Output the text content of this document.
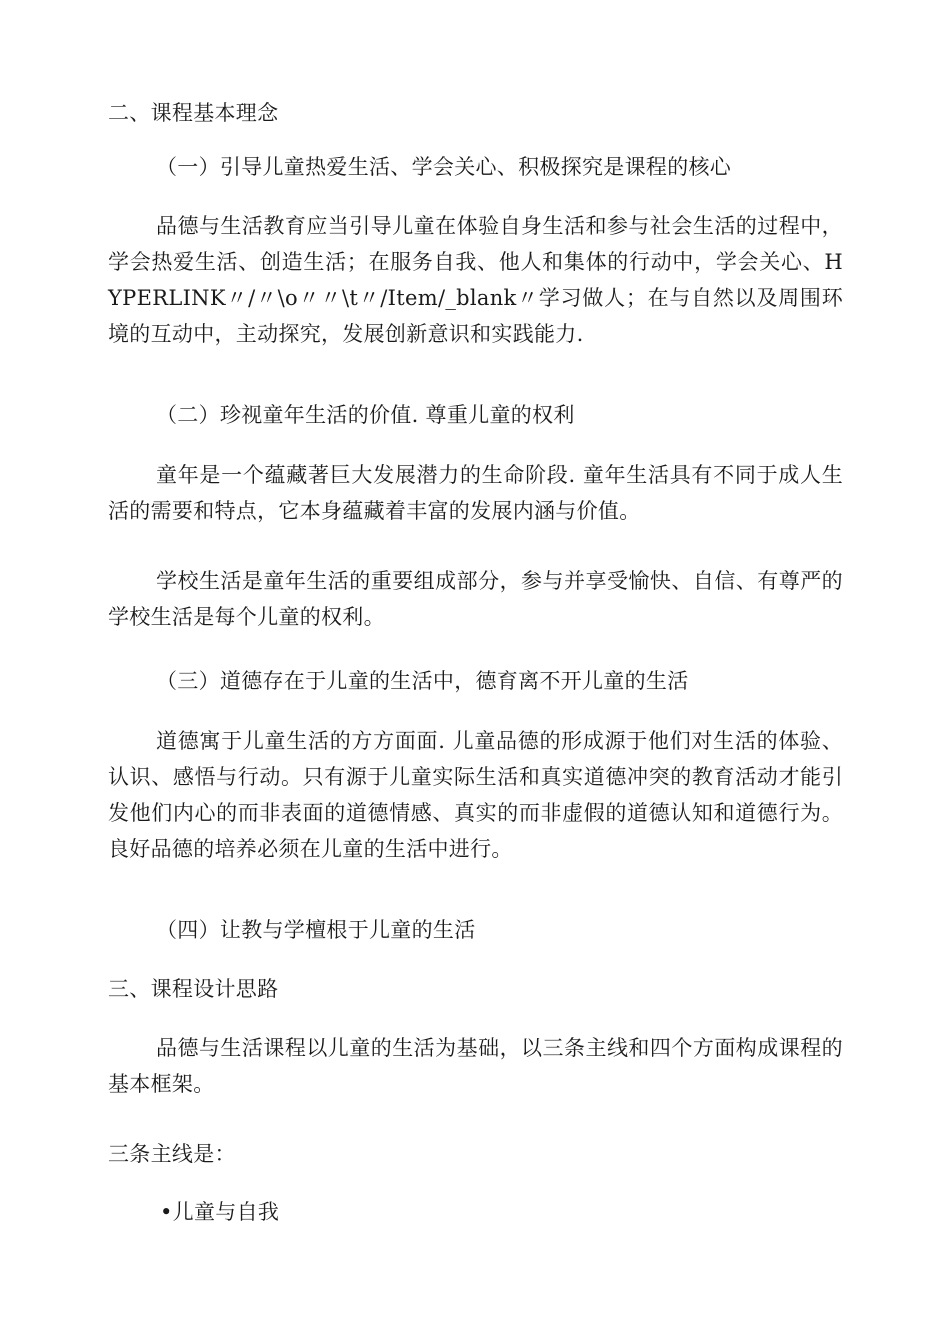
二、课程基本理念

（一）引导儿童热爱生活、学会关心、积极探究是课程的核心

品德与生活教育应当引导儿童在体验自身生活和参与社会生活的过程中，学会热爱生活、创造生活；在服务自我、他人和集体的行动中，学会关心、HYPERLINK〃/〃\o〃〃\t〃/Item/_blank〃学习做人；在与自然以及周围环境的互动中，主动探究，发展创新意识和实践能力.

（二）珍视童年生活的价值. 尊重儿童的权利

童年是一个蕴藏著巨大发展潜力的生命阶段. 童年生活具有不同于成人生活的需要和特点，它本身蕴藏着丰富的发展内涵与价值。

学校生活是童年生活的重要组成部分，参与并享受愉快、自信、有尊严的学校生活是每个儿童的权利。

（三）道德存在于儿童的生活中，德育离不开儿童的生活

道德寓于儿童生活的方方面面. 儿童品德的形成源于他们对生活的体验、认识、感悟与行动。只有源于儿童实际生活和真实道德冲突的教育活动才能引发他们内心的而非表面的道德情感、真实的而非虚假的道德认知和道德行为。良好品德的培养必须在儿童的生活中进行。

（四）让教与学檀根于儿童的生活

三、课程设计思路

品德与生活课程以儿童的生活为基础，以三条主线和四个方面构成课程的基本框架。

三条主线是：

•儿童与自我
